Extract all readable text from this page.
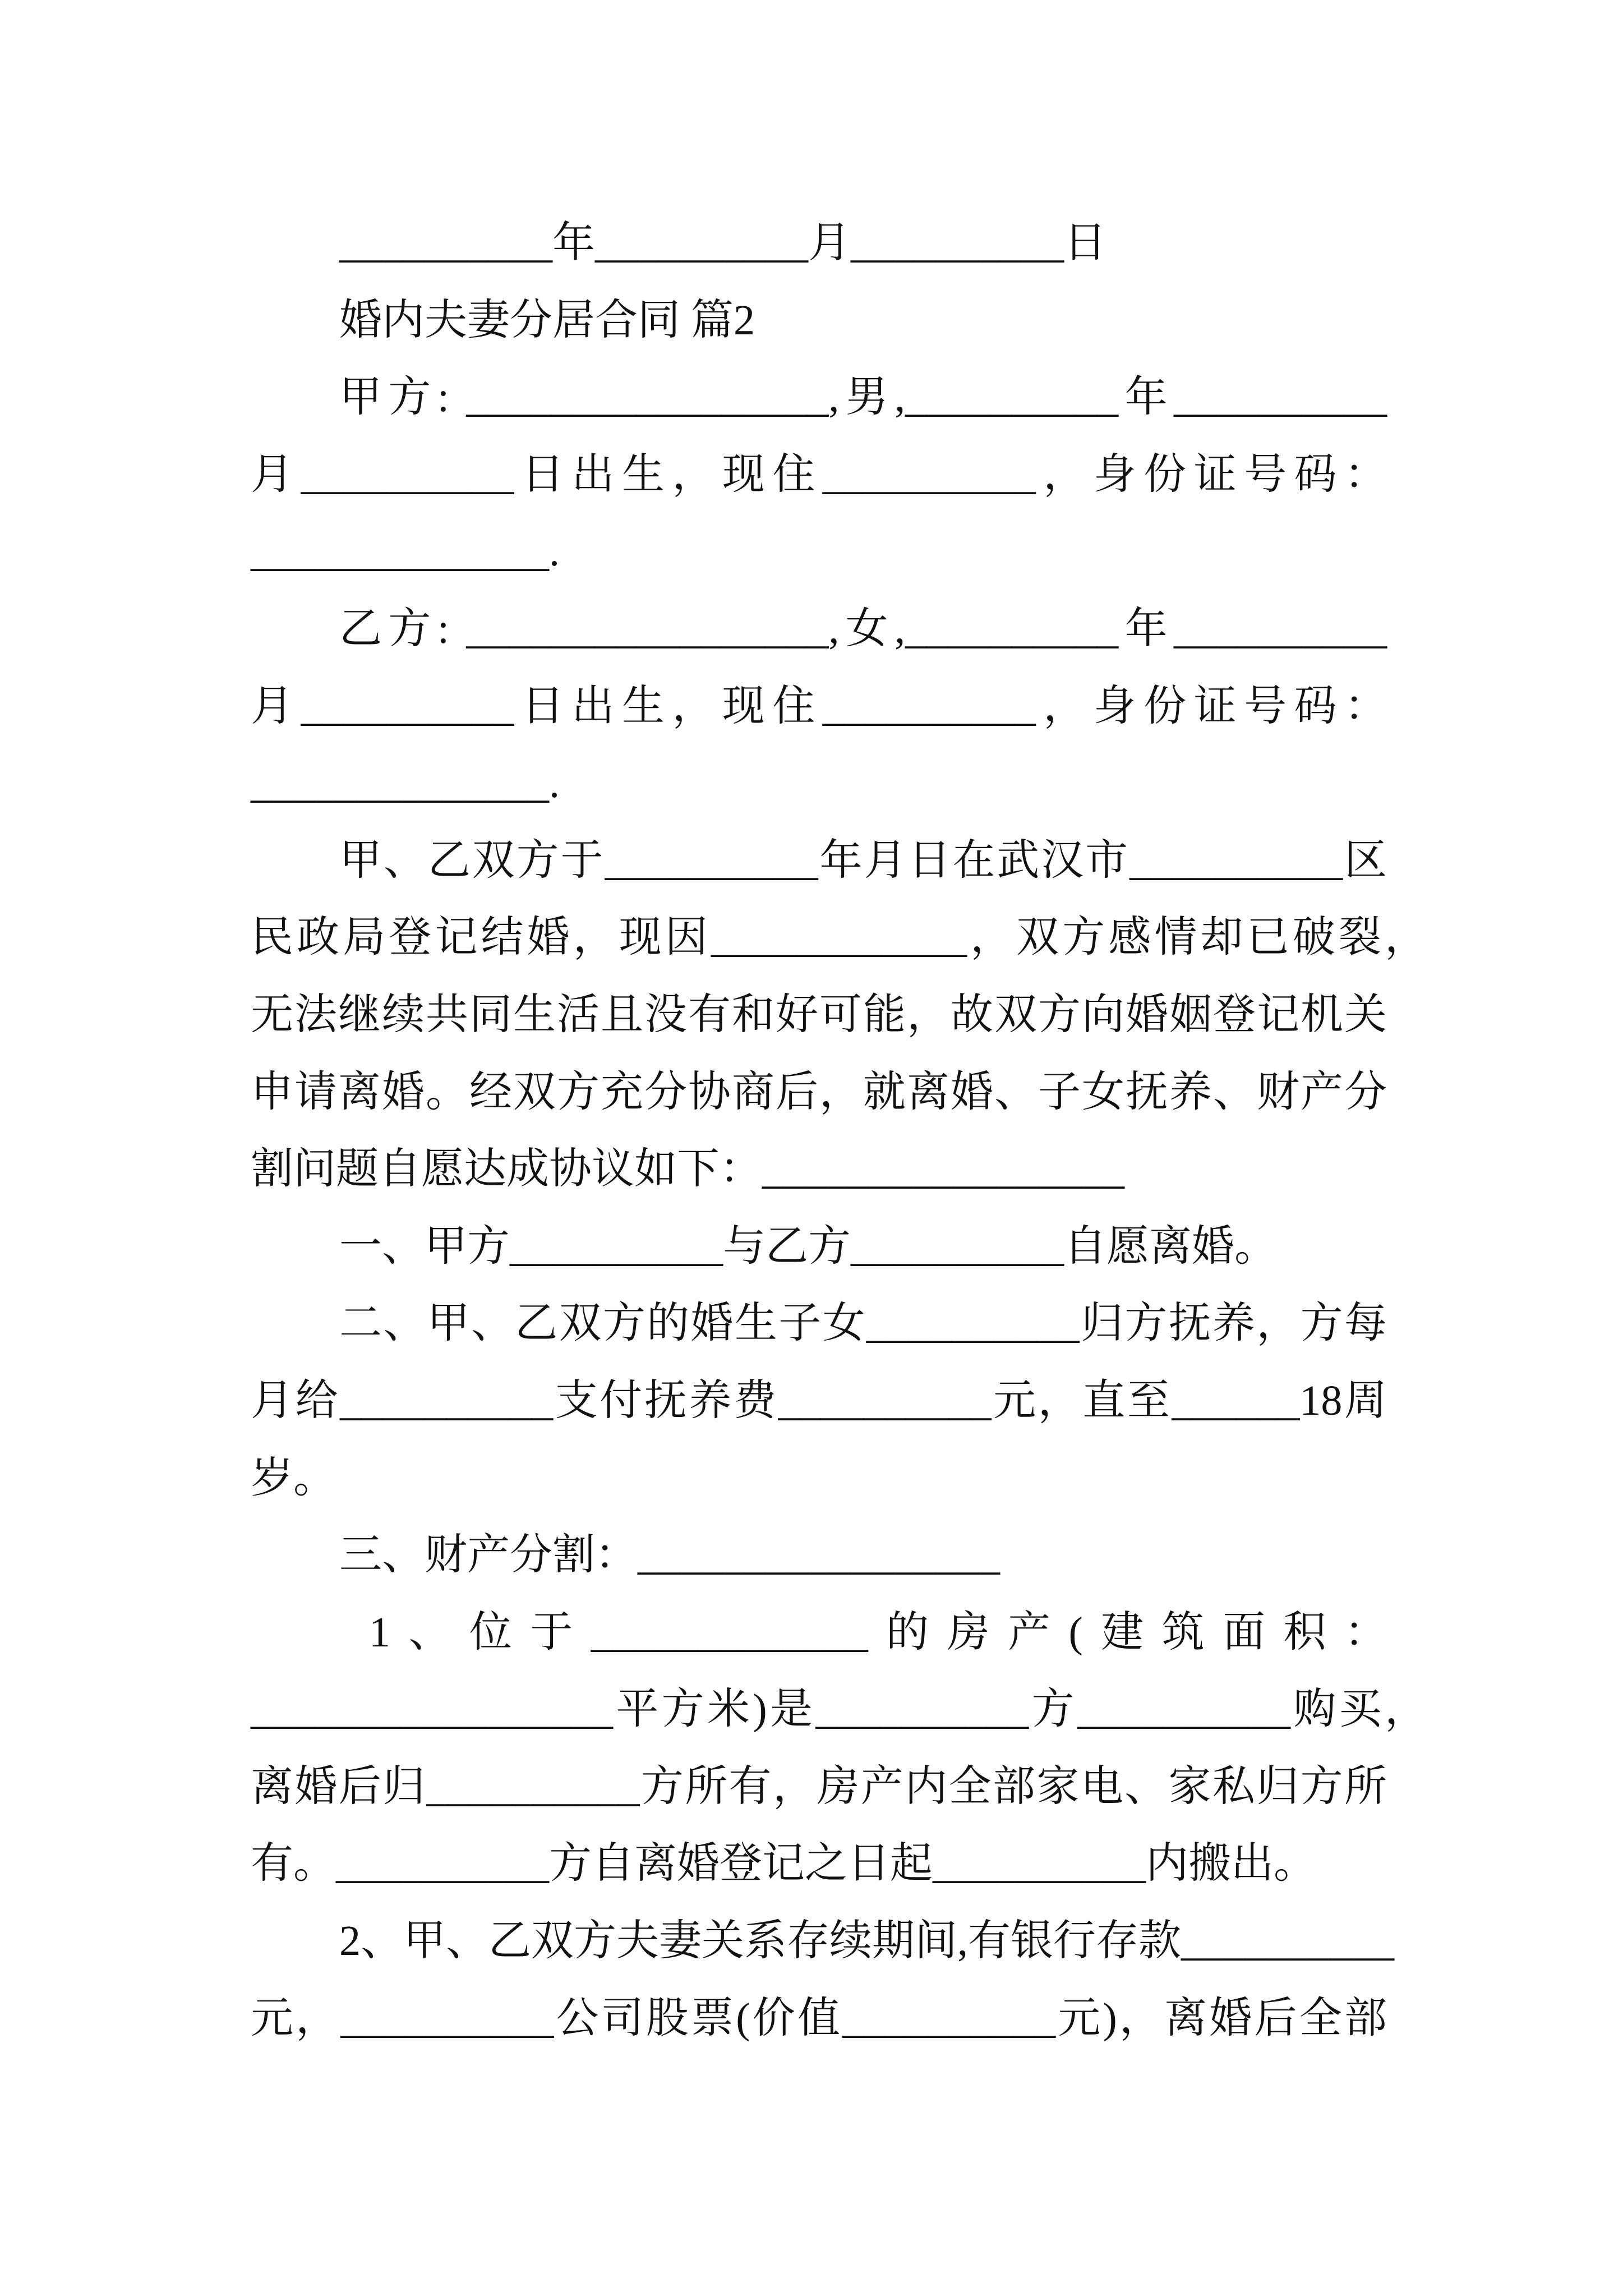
__________年__________月__________日
婚内夫妻分居合同 篇2
甲方: _________________,男,__________年__________
月__________日出生，现住__________，身份证号码：
______________.
乙方: _________________,女,__________年__________
月__________日出生，现住__________，身份证号码：
______________.
甲、乙双方于__________年月日在武汉市__________区
民政局登记结婚，现因____________，双方感情却已破裂，
无法继续共同生活且没有和好可能，故双方向婚姻登记机关
申请离婚。经双方充分协商后，就离婚、子女抚养、财产分
割问题自愿达成协议如下：_________________
一、甲方__________与乙方__________自愿离婚。
二、甲、乙双方的婚生子女__________归方抚养，方每
月给__________支付抚养费__________元，直至______18周
岁。
三、财产分割：_________________
1、位于_____________的房产(建筑面积：
_________________平方米)是__________方__________购买，
离婚后归__________方所有，房产内全部家电、家私归方所
有。__________方自离婚登记之日起__________内搬出。
2、甲、乙双方夫妻关系存续期间,有银行存款__________
元，__________公司股票(价值__________元)，离婚后全部
